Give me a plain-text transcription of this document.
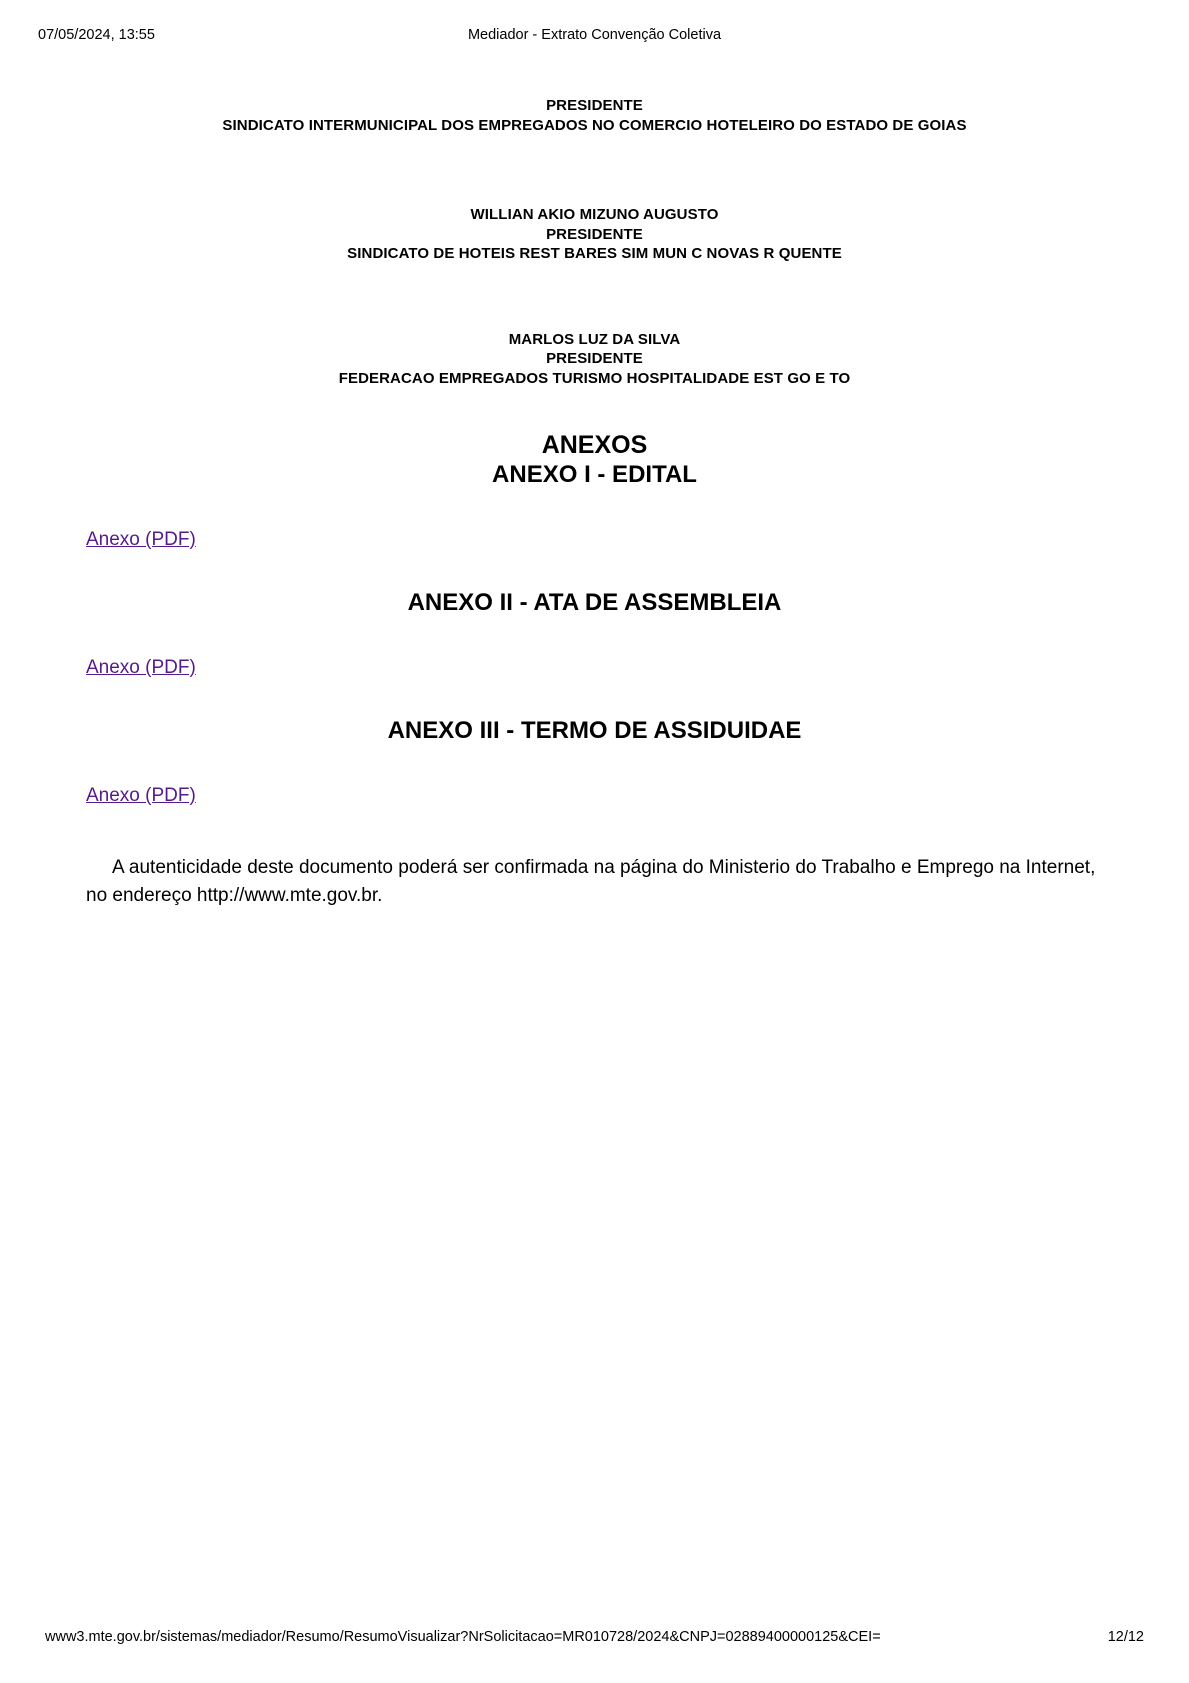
07/05/2024, 13:55	Mediador - Extrato Convenção Coletiva
PRESIDENTE
SINDICATO INTERMUNICIPAL DOS EMPREGADOS NO COMERCIO HOTELEIRO DO ESTADO DE GOIAS
WILLIAN AKIO MIZUNO AUGUSTO
PRESIDENTE
SINDICATO DE HOTEIS REST BARES SIM MUN C NOVAS R QUENTE
MARLOS LUZ DA SILVA
PRESIDENTE
FEDERACAO EMPREGADOS TURISMO HOSPITALIDADE EST GO E TO
ANEXOS
ANEXO I - EDITAL
Anexo (PDF)
ANEXO II - ATA DE ASSEMBLEIA
Anexo (PDF)
ANEXO III - TERMO DE ASSIDUIDAE
Anexo (PDF)

A autenticidade deste documento poderá ser confirmada na página do Ministerio do Trabalho e Emprego na Internet, no endereço http://www.mte.gov.br.

www3.mte.gov.br/sistemas/mediador/Resumo/ResumoVisualizar?NrSolicitacao=MR010728/2024&CNPJ=02889400000125&CEI=	12/12
